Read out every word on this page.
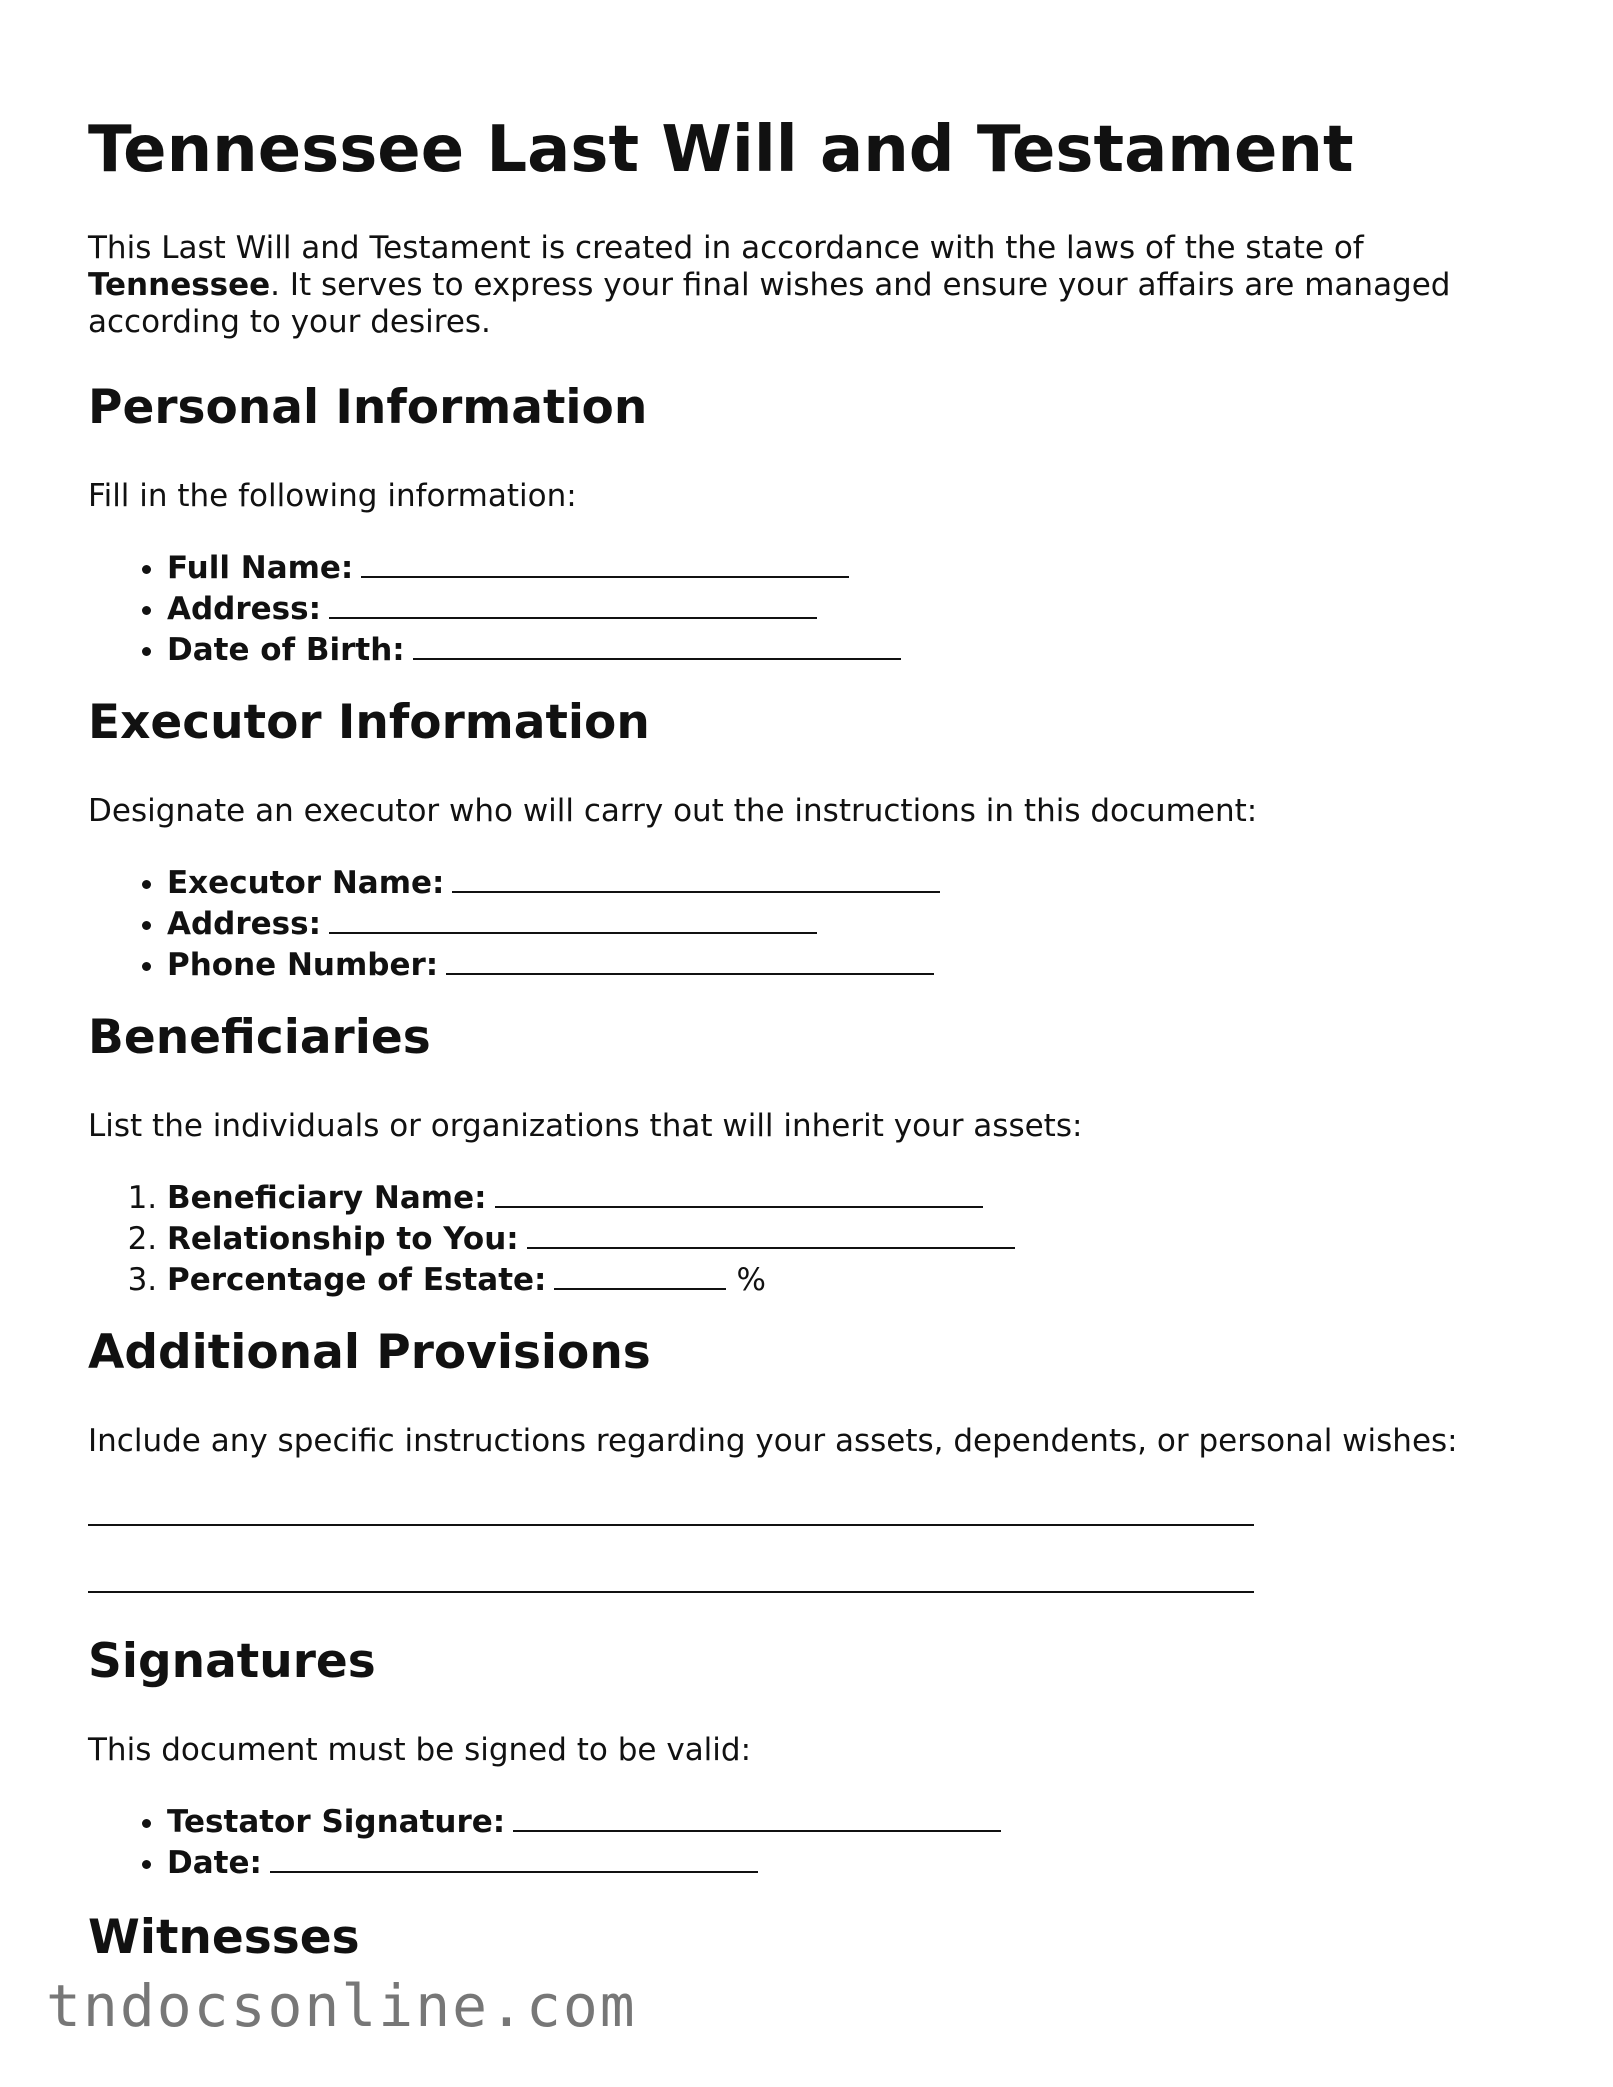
Tennessee Last Will and Testament

This Last Will and Testament is created in accordance with the laws of the state of Tennessee. It serves to express your final wishes and ensure your affairs are managed according to your desires.

Personal Information

Fill in the following information:

• Full Name:
• Address:
• Date of Birth:
Executor Information

Designate an executor who will carry out the instructions in this document:

• Executor Name:
• Address:
• Phone Number:
Beneficiaries

List the individuals or organizations that will inherit your assets:

1. Beneficiary Name:
2. Relationship to You:
3. Percentage of Estate:	%
Additional Provisions

Include any specific instructions regarding your assets, dependents, or personal wishes:

Signatures

This document must be signed to be valid:

• Testator Signature:
• Date:
Witnesses
tndocsonline.com
